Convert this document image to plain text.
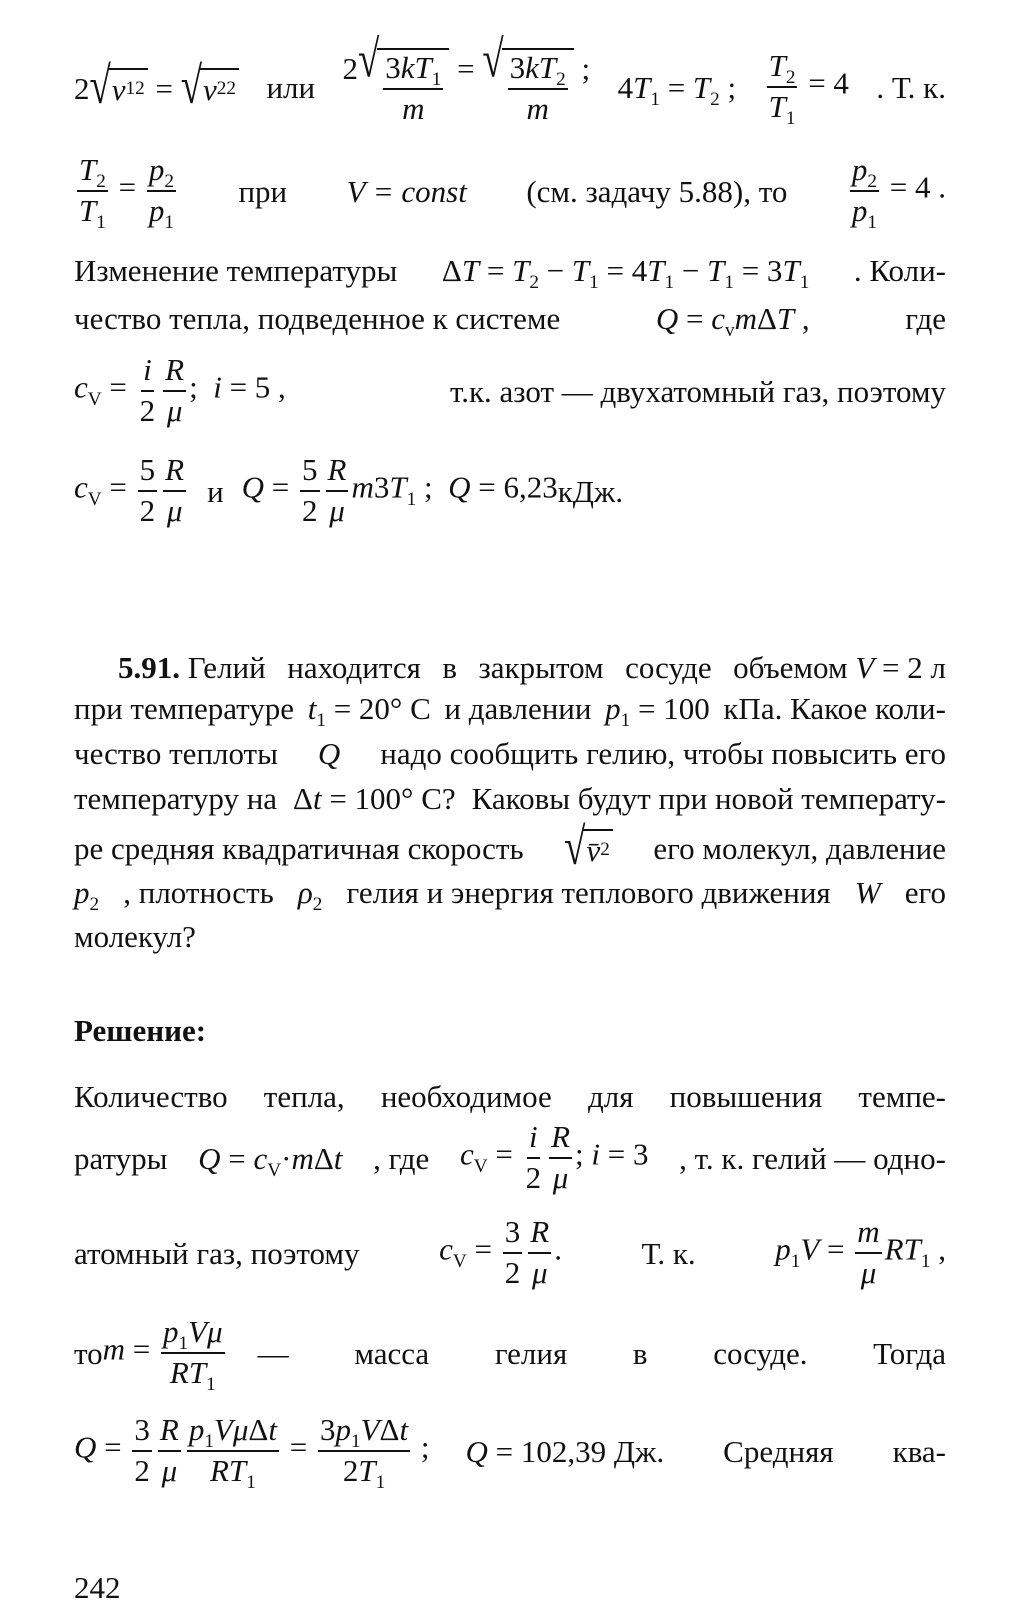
2 √ v 1 2 = √ v 2 2 или
2 √ $\frac{3kT_1}{m}$ = √ $\frac{3kT_2}{m}$ ;
$4T_1 = T_2$ ; $\frac{T_2}{T_1} = 4$ . Т. к.
$\frac{T_2}{T_1} = \frac{p_2}{p_1}$ при V = const (см. задачу 5.88), то $\frac{p_2}{p_1} = 4$ .
Изменение температуры $\Delta T = T_2 - T_1 = 4T_1 - T_1 = 3T_1$ . Коли-
чество тепла, подведенное к системе	$Q = c_vm\Delta T$ ,	где
$c_V = \frac{i}{2} \frac{R}{\mu}$ ;  i = 5 ,	т.к. азот — двухатомный газ, поэтому
$c_V = \frac{5}{2} \frac{R}{\mu}$ и $Q = \frac{5}{2} \frac{R}{\mu} m3T_1$ ;  Q = 6,23 кДж.
5.91.
Гелий находится в закрытом сосуде объемом
V = 2
л
при температуре $t_1 = 20^\circ$ C и давлении $p_1 = 100$ кПа. Какое коли-
чество теплоты Q надо сообщить гелию, чтобы повысить его
температуру на Δt = 100° C? Каковы будут при новой температу-
ре средняя квадратичная скорость √ v̄ 2 его молекул, давление
$p_2$ , плотность $\rho_2$ гелия и энергия теплового движения W его
молекул?
Решение:
Количество тепла, необходимое для повышения темпе-
ратуры $Q = c_V\cdot m\Delta t$ , где $c_V = \frac{i}{2} \frac{R}{\mu}$ ; i = 3 , т. к. гелий — одно-
атомный газ, поэтому	$c_V = \frac{3}{2} \frac{R}{\mu}$ .	Т. к.	$p_1V = \frac{m}{\mu} RT_1$ ,
то $m = \frac{p_1V\mu}{RT_1}$ — масса гелия в сосуде. Тогда
$Q = \frac{3}{2} \frac{R}{\mu} \frac{p_1V\mu\Delta t}{RT_1} = \frac{3p_1V\Delta t}{2T_1}$ ; Q = 102,39 Дж. Средняя ква-
242
